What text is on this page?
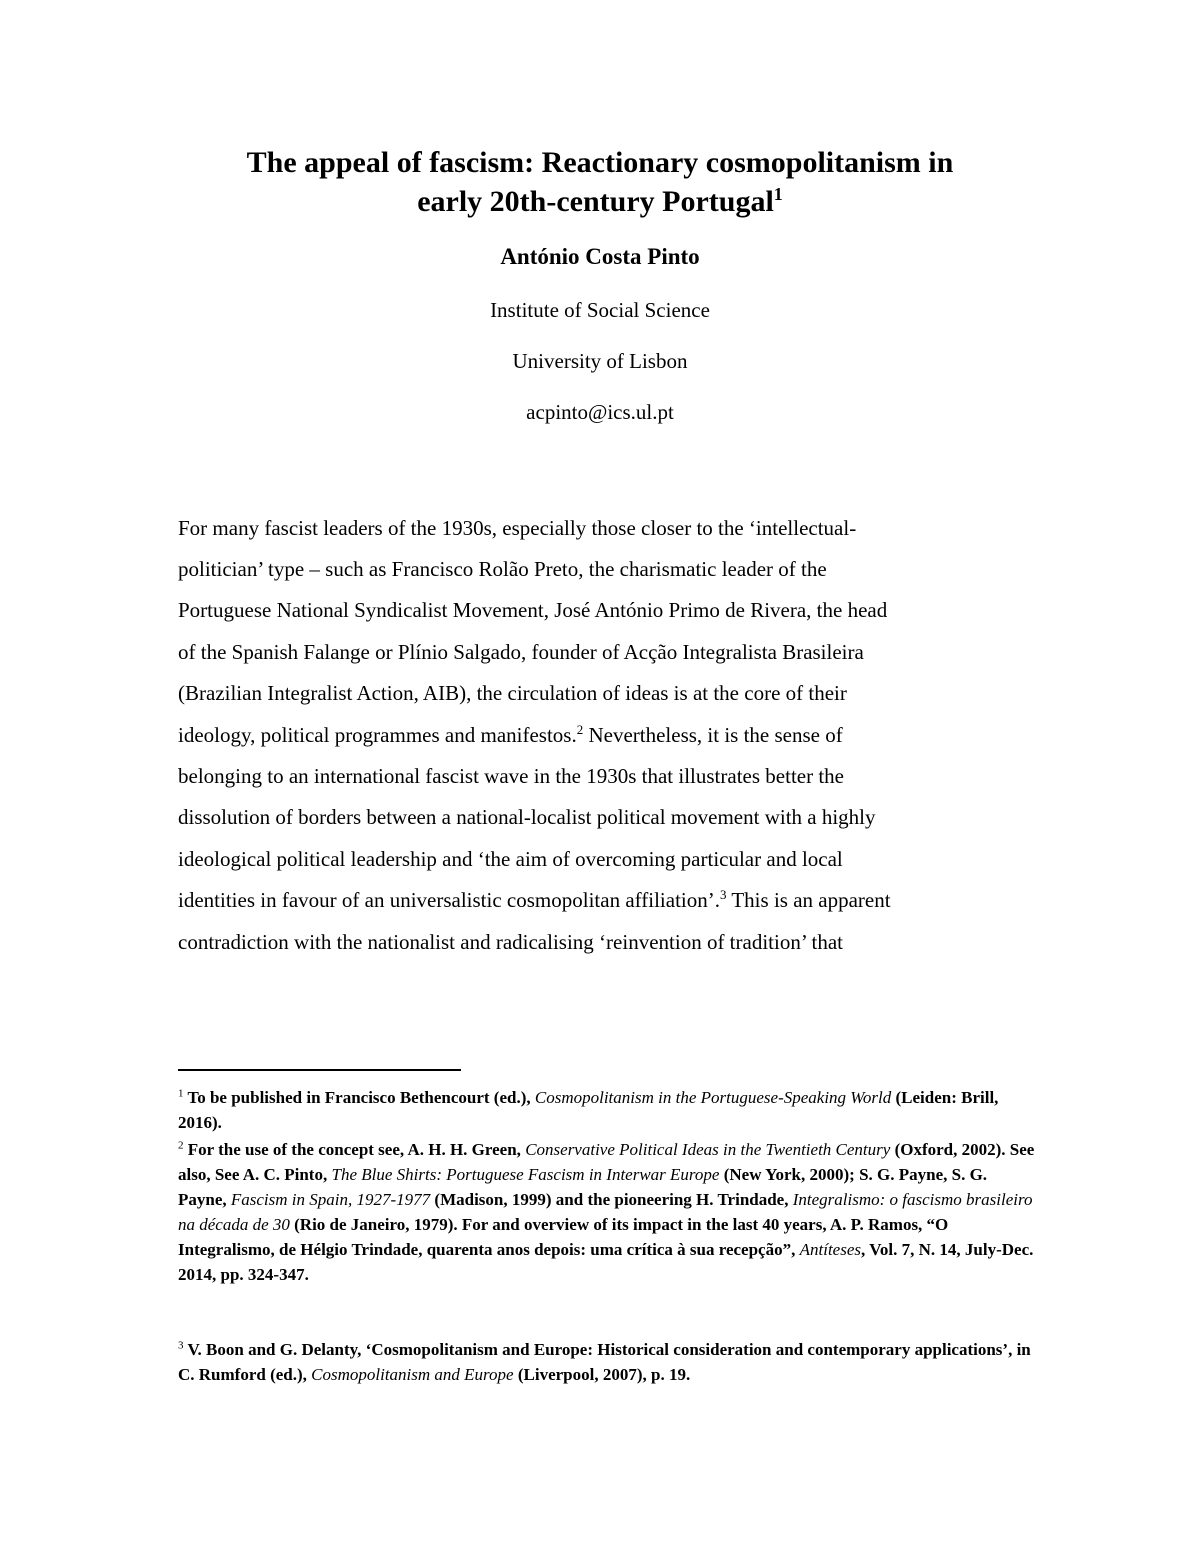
The appeal of fascism: Reactionary cosmopolitanism in
early 20th-century Portugal$^1$
António Costa Pinto
Institute of Social Science
University of Lisbon
acpinto@ics.ul.pt
For many fascist leaders of the 1930s, especially those closer to the ‘intellectual-
politician’ type – such as Francisco Rolão Preto, the charismatic leader of the
Portuguese National Syndicalist Movement, José António Primo de Rivera, the head
of the Spanish Falange or Plínio Salgado, founder of Acção Integralista Brasileira
(Brazilian Integralist Action, AIB), the circulation of ideas is at the core of their
ideology, political programmes and manifestos.$^2$ Nevertheless, it is the sense of
belonging to an international fascist wave in the 1930s that illustrates better the
dissolution of borders between a national-localist political movement with a highly
ideological political leadership and ‘the aim of overcoming particular and local
identities in favour of an universalistic cosmopolitan affiliation’.$^3$ This is an apparent
contradiction with the nationalist and radicalising ‘reinvention of tradition’ that
$^1$ To be published in Francisco Bethencourt (ed.), Cosmopolitanism in the Portuguese-Speaking World (Leiden: Brill, 2016).
$^2$ For the use of the concept see, A. H. H. Green, Conservative Political Ideas in the Twentieth Century (Oxford, 2002). See also, See A. C. Pinto, The Blue Shirts: Portuguese Fascism in Interwar Europe (New York, 2000); S. G. Payne, S. G. Payne, Fascism in Spain, 1927-1977 (Madison, 1999) and the pioneering H. Trindade, Integralismo: o fascismo brasileiro na década de 30 (Rio de Janeiro, 1979). For and overview of its impact in the last 40 years, A. P. Ramos, “O Integralismo, de Hélgio Trindade, quarenta anos depois: uma crítica à sua recepção”, Antíteses, Vol. 7, N. 14, July-Dec. 2014, pp. 324-347.
$^3$ V. Boon and G. Delanty, ‘Cosmopolitanism and Europe: Historical consideration and contemporary applications’, in C. Rumford (ed.), Cosmopolitanism and Europe (Liverpool, 2007), p. 19.
